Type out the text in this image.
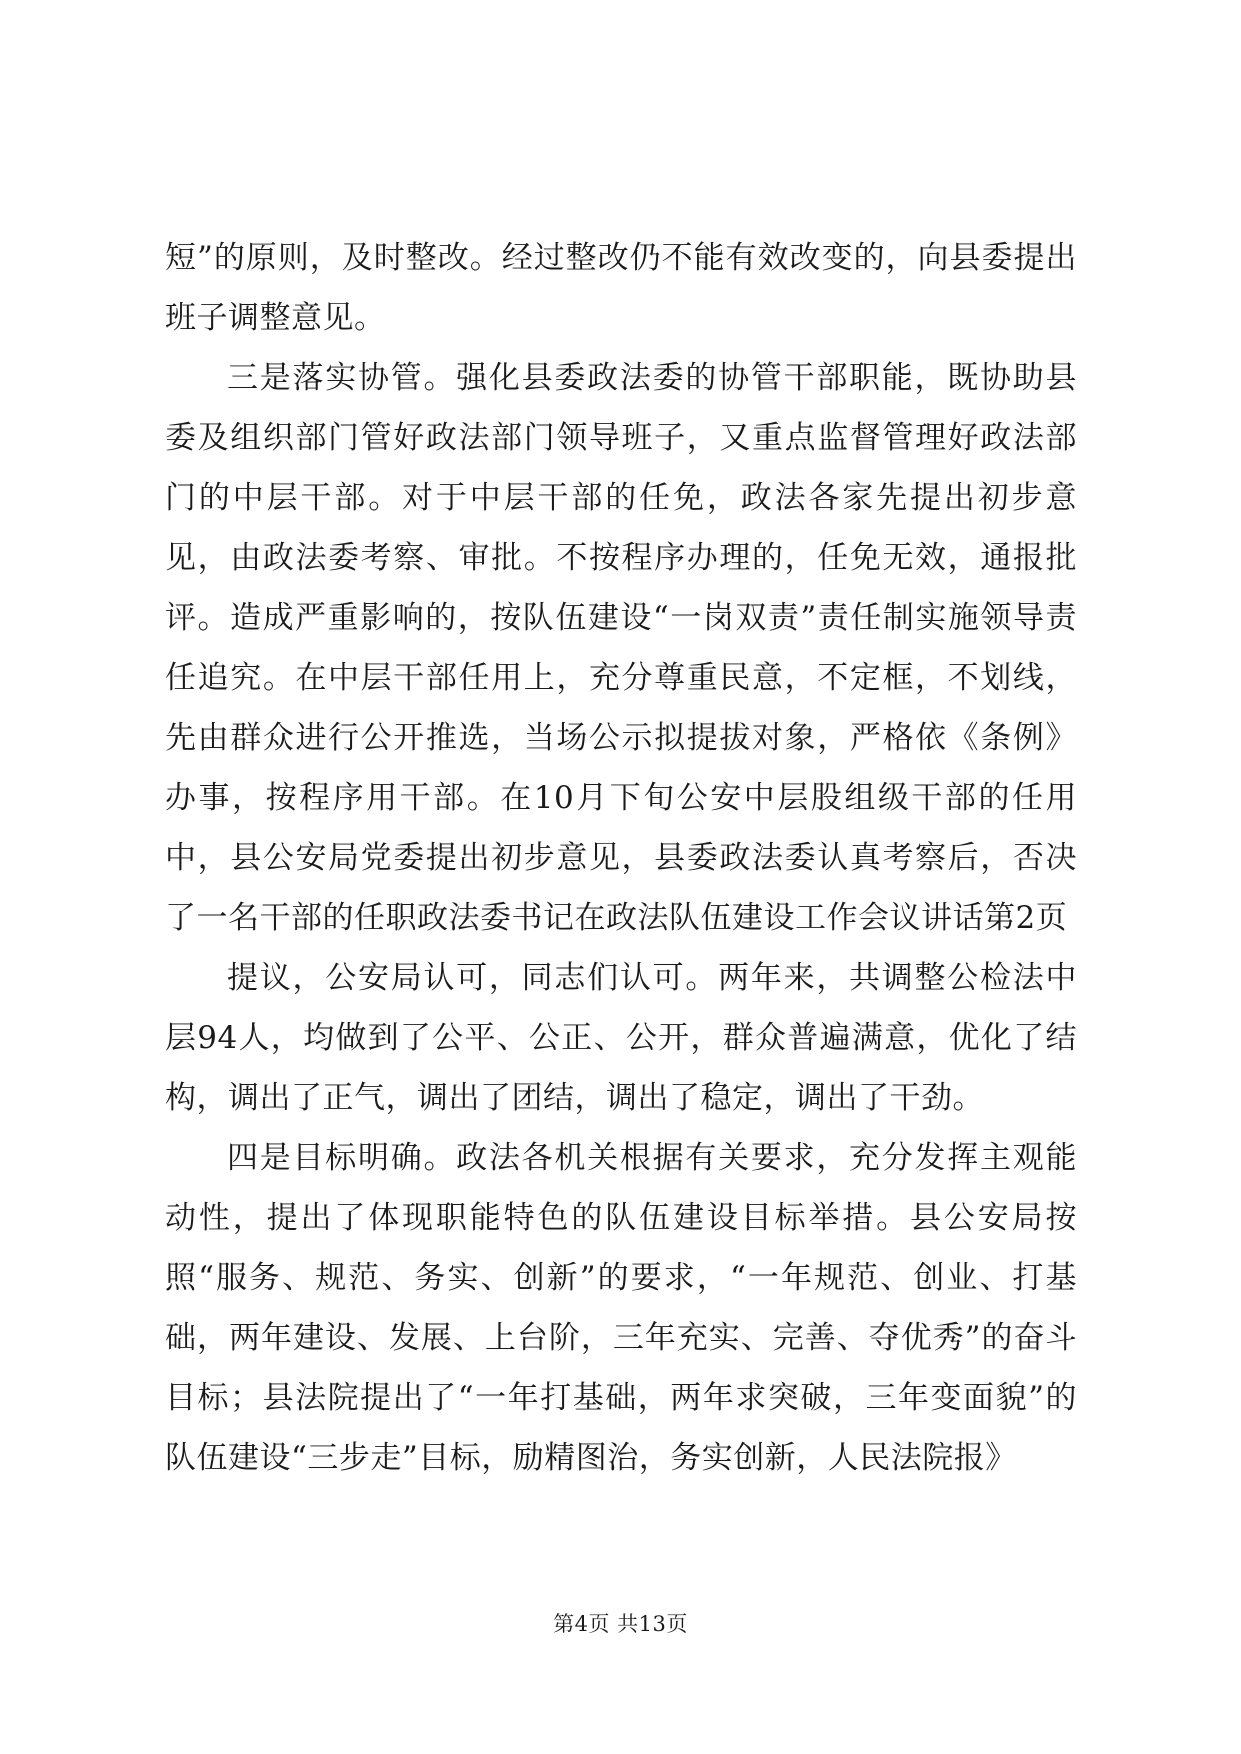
短”的原则，及时整改。经过整改仍不能有效改变的，向县委提出班子调整意见。

三是落实协管。强化县委政法委的协管干部职能，既协助县委及组织部门管好政法部门领导班子，又重点监督管理好政法部门的中层干部。对于中层干部的任免，政法各家先提出初步意见，由政法委考察、审批。不按程序办理的，任免无效，通报批评。造成严重影响的，按队伍建设“一岗双责”责任制实施领导责任追究。在中层干部任用上，充分尊重民意，不定框，不划线，先由群众进行公开推选，当场公示拟提拔对象，严格依《条例》办事，按程序用干部。在10月下旬公安中层股组级干部的任用中，县公安局党委提出初步意见，县委政法委认真考察后，否决了一名干部的任职政法委书记在政法队伍建设工作会议讲话第2页

提议，公安局认可，同志们认可。两年来，共调整公检法中层94人，均做到了公平、公正、公开，群众普遍满意，优化了结构，调出了正气，调出了团结，调出了稳定，调出了干劲。

四是目标明确。政法各机关根据有关要求，充分发挥主观能动性，提出了体现职能特色的队伍建设目标举措。县公安局按照“服务、规范、务实、创新”的要求，“一年规范、创业、打基础，两年建设、发展、上台阶，三年充实、完善、夺优秀”的奋斗目标；县法院提出了“一年打基础，两年求突破，三年变面貌”的队伍建设“三步走”目标，励精图治，务实创新，人民法院报》

第4页 共13页
